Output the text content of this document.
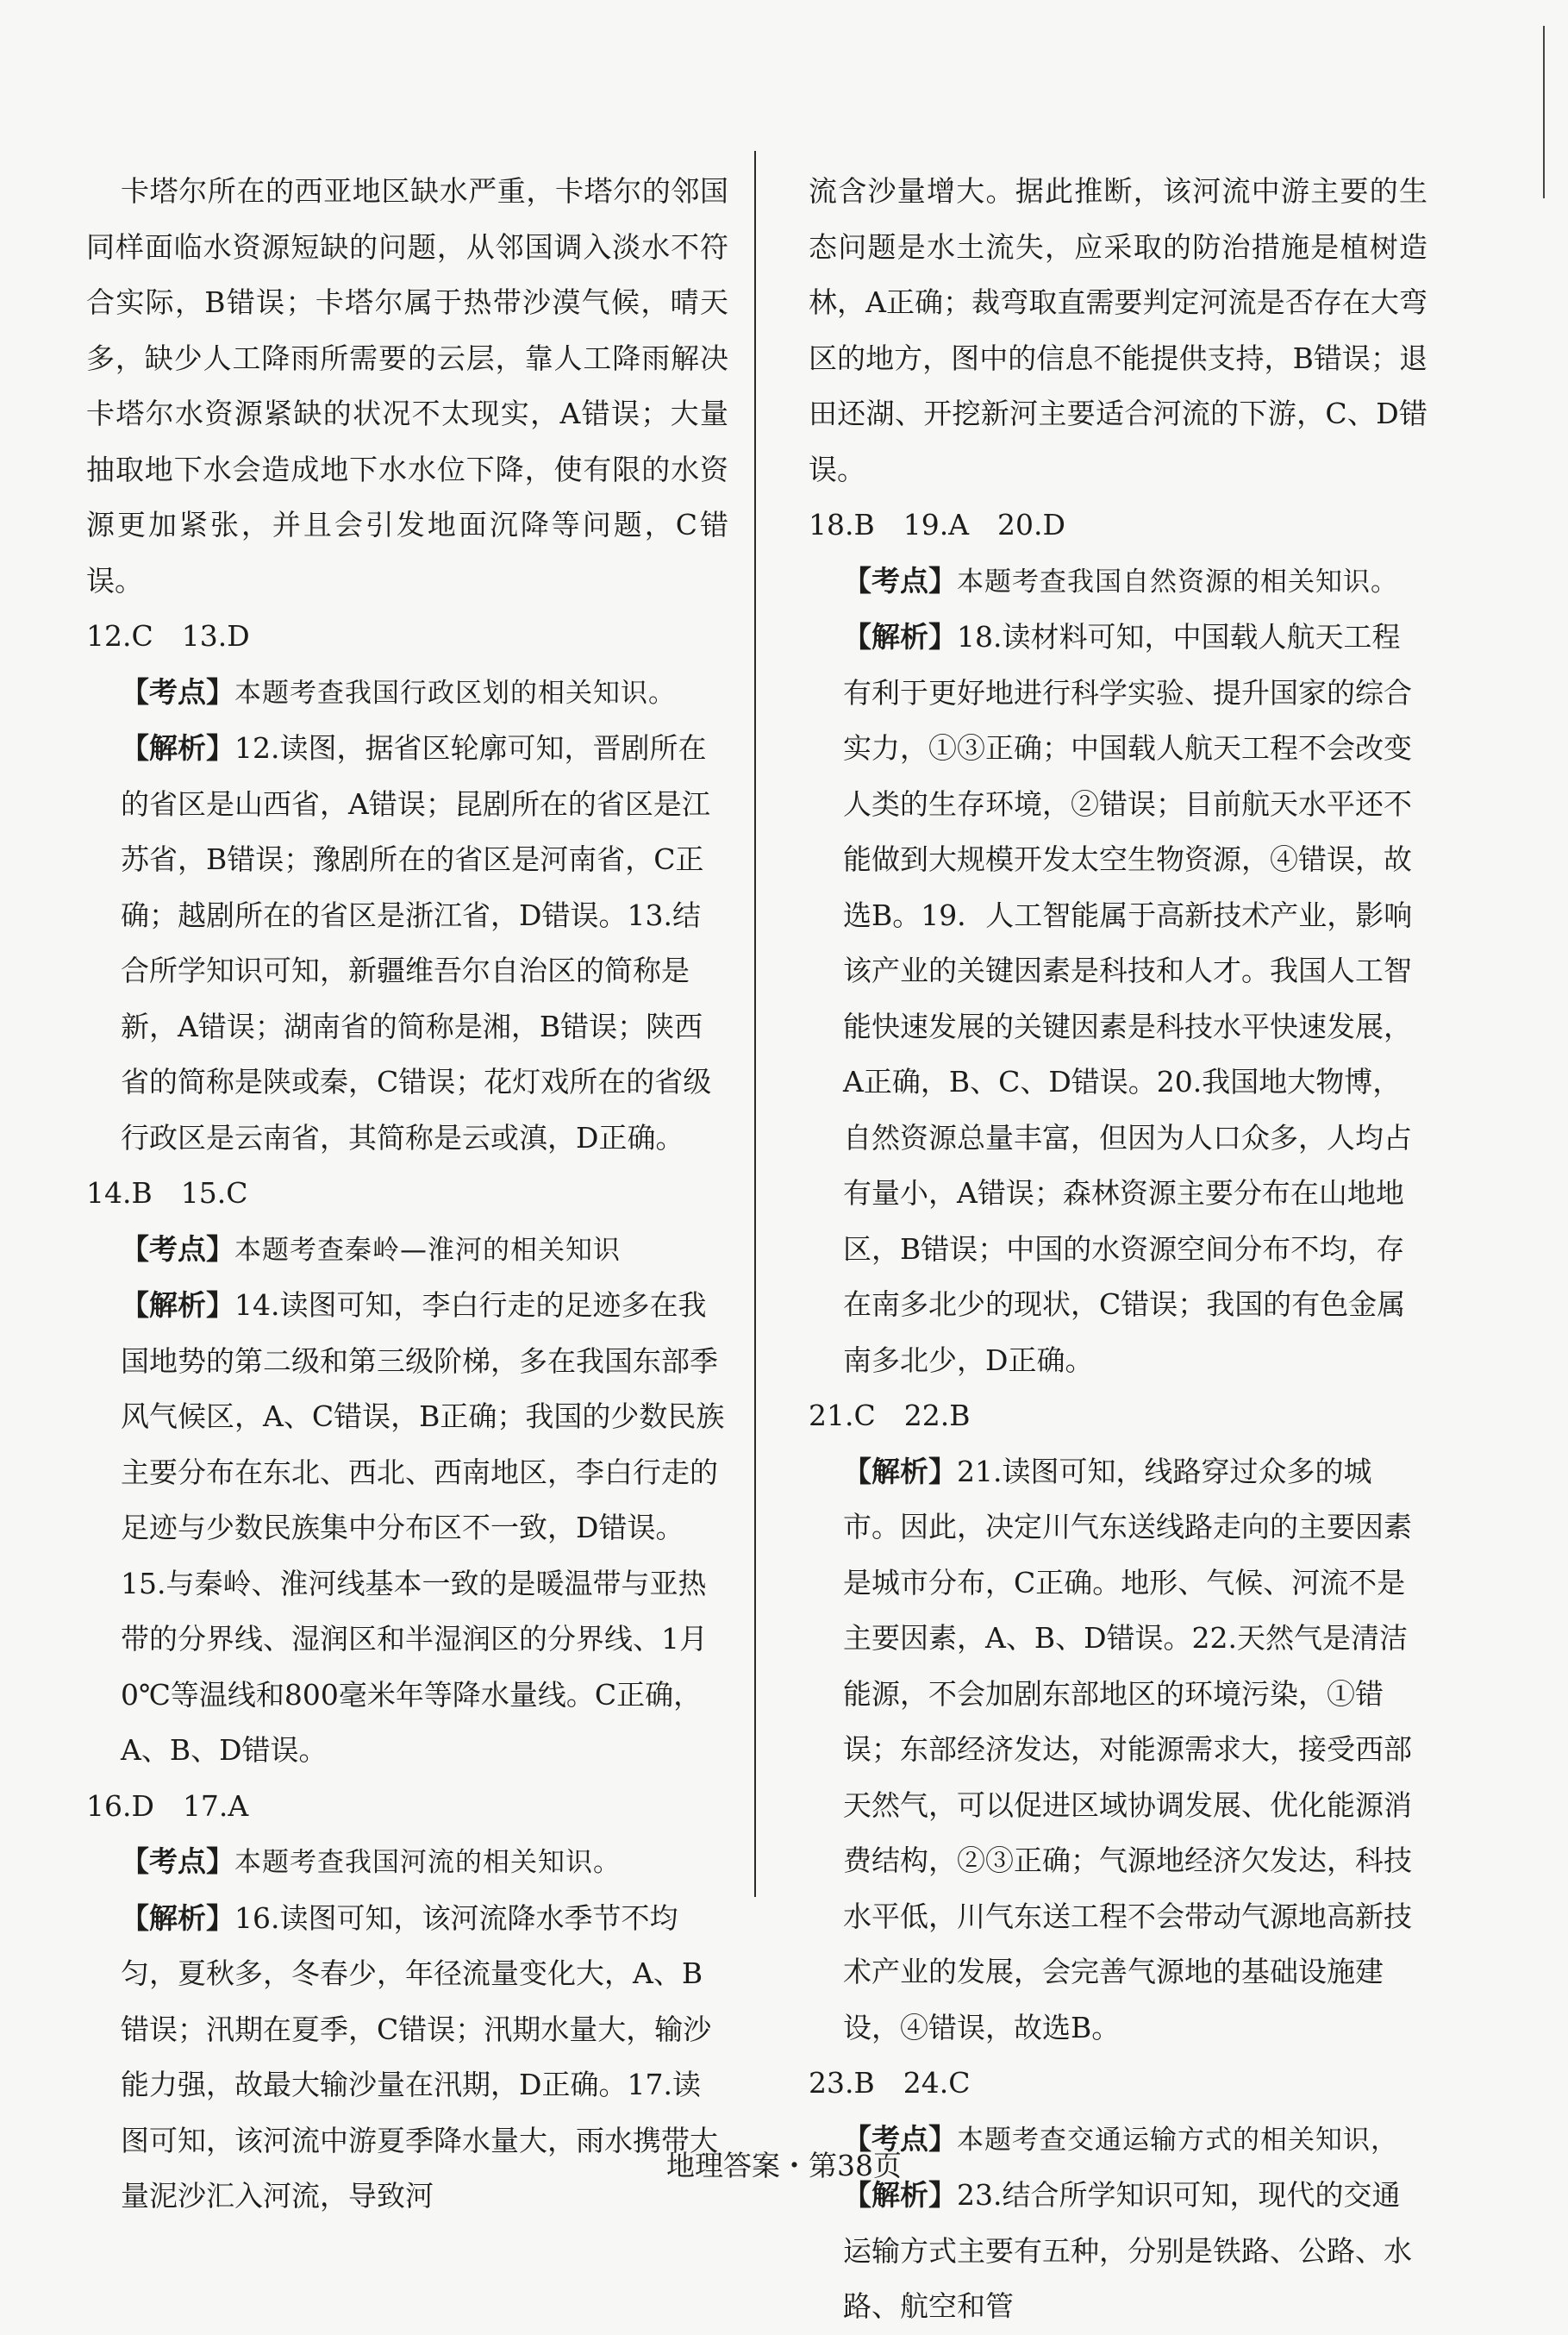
卡塔尔所在的西亚地区缺水严重，卡塔尔的邻国同样面临水资源短缺的问题，从邻国调入淡水不符合实际，B错误；卡塔尔属于热带沙漠气候，晴天多，缺少人工降雨所需要的云层，靠人工降雨解决卡塔尔水资源紧缺的状况不太现实，A错误；大量抽取地下水会造成地下水水位下降，使有限的水资源更加紧张，并且会引发地面沉降等问题，C错误。

12.C　13.D

【考点】本题考查我国行政区划的相关知识。

【解析】12.读图，据省区轮廓可知，晋剧所在的省区是山西省，A错误；昆剧所在的省区是江苏省，B错误；豫剧所在的省区是河南省，C正确；越剧所在的省区是浙江省，D错误。13.结合所学知识可知，新疆维吾尔自治区的简称是新，A错误；湖南省的简称是湘，B错误；陕西省的简称是陕或秦，C错误；花灯戏所在的省级行政区是云南省，其简称是云或滇，D正确。

14.B　15.C

【考点】本题考查秦岭—淮河的相关知识

【解析】14.读图可知，李白行走的足迹多在我国地势的第二级和第三级阶梯，多在我国东部季风气候区，A、C错误，B正确；我国的少数民族主要分布在东北、西北、西南地区，李白行走的足迹与少数民族集中分布区不一致，D错误。15.与秦岭、淮河线基本一致的是暖温带与亚热带的分界线、湿润区和半湿润区的分界线、1月0℃等温线和800毫米年等降水量线。C正确，A、B、D错误。

16.D　17.A

【考点】本题考查我国河流的相关知识。

【解析】16.读图可知，该河流降水季节不均匀，夏秋多，冬春少，年径流量变化大，A、B错误；汛期在夏季，C错误；汛期水量大，输沙能力强，故最大输沙量在汛期，D正确。17.读图可知，该河流中游夏季降水量大，雨水携带大量泥沙汇入河流，导致河

流含沙量增大。据此推断，该河流中游主要的生态问题是水土流失，应采取的防治措施是植树造林，A正确；裁弯取直需要判定河流是否存在大弯区的地方，图中的信息不能提供支持，B错误；退田还湖、开挖新河主要适合河流的下游，C、D错误。

18.B　19.A　20.D

【考点】本题考查我国自然资源的相关知识。

【解析】18.读材料可知，中国载人航天工程有利于更好地进行科学实验、提升国家的综合实力，①③正确；中国载人航天工程不会改变人类的生存环境，②错误；目前航天水平还不能做到大规模开发太空生物资源，④错误，故选B。19．人工智能属于高新技术产业，影响该产业的关键因素是科技和人才。我国人工智能快速发展的关键因素是科技水平快速发展，A正确，B、C、D错误。20.我国地大物博，自然资源总量丰富，但因为人口众多，人均占有量小，A错误；森林资源主要分布在山地地区，B错误；中国的水资源空间分布不均，存在南多北少的现状，C错误；我国的有色金属南多北少，D正确。

21.C　22.B

【解析】21.读图可知，线路穿过众多的城市。因此，决定川气东送线路走向的主要因素是城市分布，C正确。地形、气候、河流不是主要因素，A、B、D错误。22.天然气是清洁能源，不会加剧东部地区的环境污染，①错误；东部经济发达，对能源需求大，接受西部天然气，可以促进区域协调发展、优化能源消费结构，②③正确；气源地经济欠发达，科技水平低，川气东送工程不会带动气源地高新技术产业的发展，会完善气源地的基础设施建设，④错误，故选B。

23.B　24.C

【考点】本题考查交通运输方式的相关知识，

【解析】23.结合所学知识可知，现代的交通运输方式主要有五种，分别是铁路、公路、水路、航空和管

地理答案・第38页
